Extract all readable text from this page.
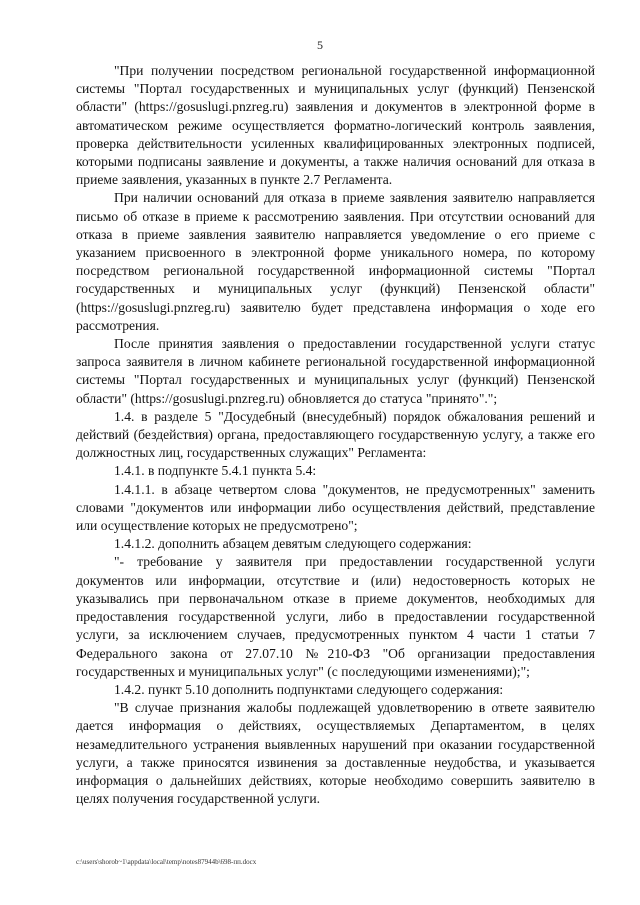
5

"При получении посредством региональной государственной информационной системы "Портал государственных и муниципальных услуг (функций) Пензенской области" (https://gosuslugi.pnzreg.ru) заявления и документов в электронной форме в автоматическом режиме осуществляется форматно-логический контроль заявления, проверка действительности усиленных квалифицированных электронных подписей, которыми подписаны заявление и документы, а также наличия оснований для отказа в приеме заявления, указанных в пункте 2.7 Регламента.

При наличии оснований для отказа в приеме заявления заявителю направляется письмо об отказе в приеме к рассмотрению заявления. При отсутствии оснований для отказа в приеме заявления заявителю направляется уведомление о его приеме с указанием присвоенного в электронной форме уникального номера, по которому посредством региональной государственной информационной системы "Портал государственных и муниципальных услуг (функций) Пензенской области" (https://gosuslugi.pnzreg.ru) заявителю будет представлена информация о ходе его рассмотрения.

После принятия заявления о предоставлении государственной услуги статус запроса заявителя в личном кабинете региональной государственной информационной системы "Портал государственных и муниципальных услуг (функций) Пензенской области" (https://gosuslugi.pnzreg.ru) обновляется до статуса "принято".";

1.4. в разделе 5 "Досудебный (внесудебный) порядок обжалования решений и действий (бездействия) органа, предоставляющего государственную услугу, а также его должностных лиц, государственных служащих" Регламента:

1.4.1. в подпункте 5.4.1 пункта 5.4:

1.4.1.1. в абзаце четвертом слова "документов, не предусмотренных" заменить словами "документов или информации либо осуществления действий, представление или осуществление которых не предусмотрено";

1.4.1.2. дополнить абзацем девятым следующего содержания:

"- требование у заявителя при предоставлении государственной услуги документов или информации, отсутствие и (или) недостоверность которых не указывались при первоначальном отказе в приеме документов, необходимых для предоставления государственной услуги, либо в предоставлении государственной услуги, за исключением случаев, предусмотренных пунктом 4 части 1 статьи 7 Федерального закона от 27.07.10 №210-ФЗ "Об организации предоставления государственных и муниципальных услуг" (с последующими изменениями);";

1.4.2. пункт 5.10 дополнить подпунктами следующего содержания:

"В случае признания жалобы подлежащей удовлетворению в ответе заявителю дается информация о действиях, осуществляемых Департаментом, в целях незамедлительного устранения выявленных нарушений при оказании государственной услуги, а также приносятся извинения за доставленные неудобства, и указывается информация о дальнейших действиях, которые необходимо совершить заявителю в целях получения государственной услуги.

c:\users\shorob~1\appdata\local\temp\notes87944b\698-пп.docx
